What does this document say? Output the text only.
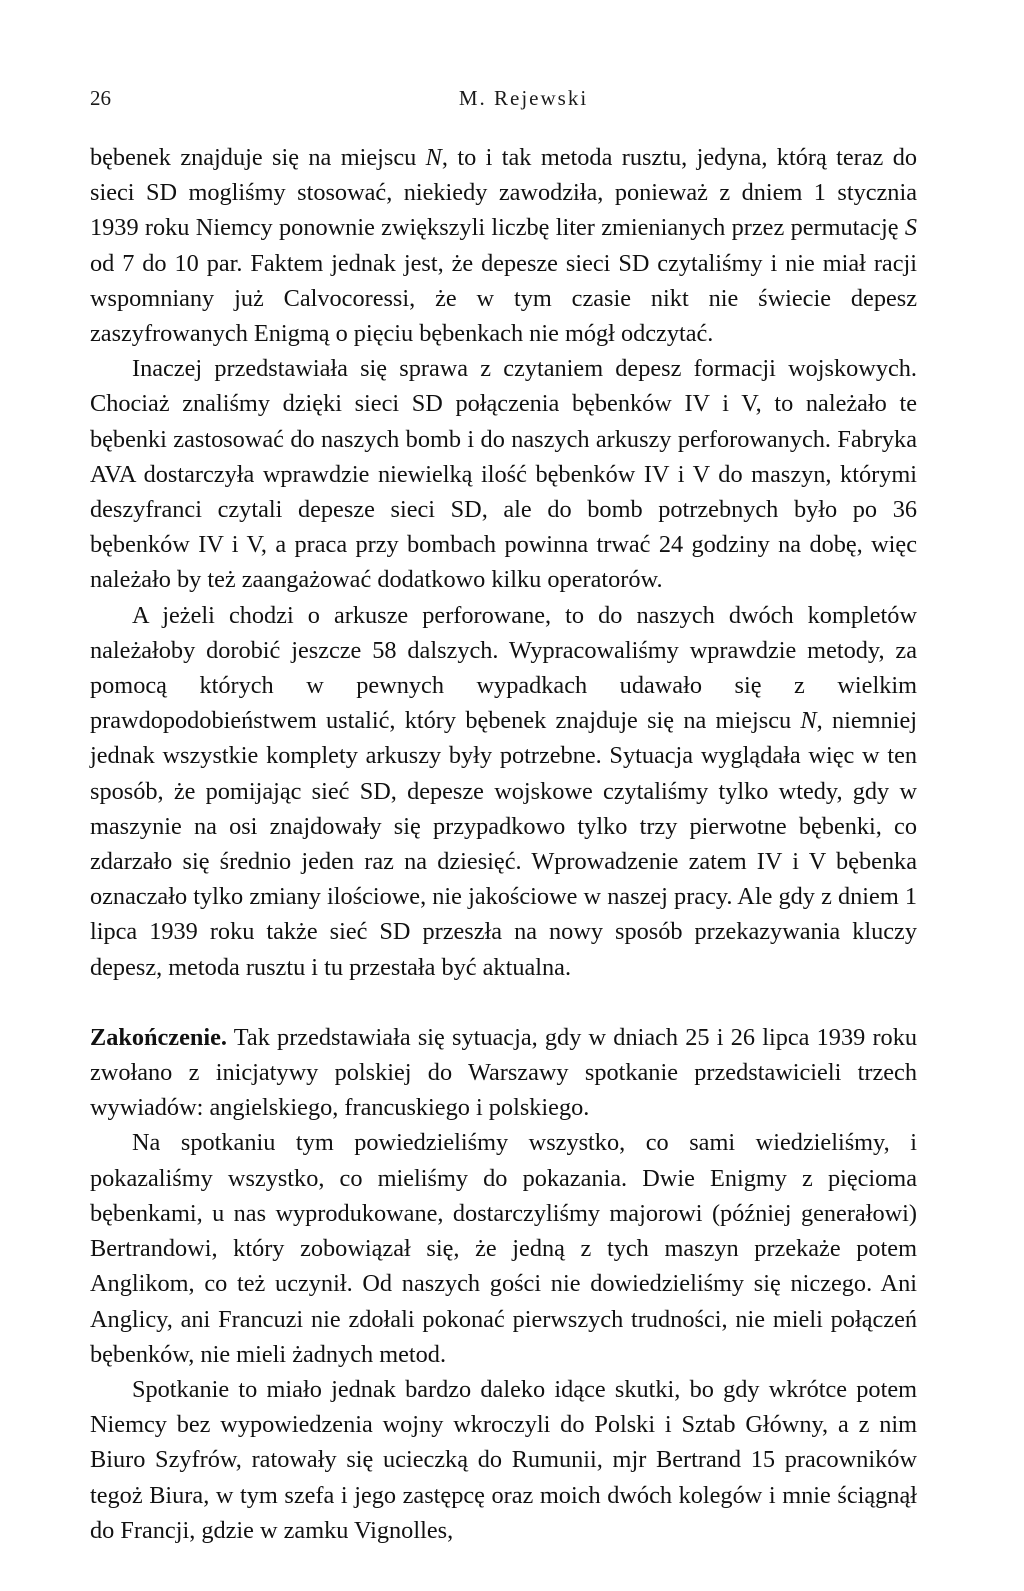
26	M. Rejewski

bębenek znajduje się na miejscu N, to i tak metoda rusztu, jedyna, którą teraz do sieci SD mogliśmy stosować, niekiedy zawodziła, ponieważ z dniem 1 stycznia 1939 roku Niemcy ponownie zwiększyli liczbę liter zmienianych przez permutację S od 7 do 10 par. Faktem jednak jest, że depesze sieci SD czytaliśmy i nie miał racji wspomniany już Calvocoressi, że w tym czasie nikt nie świecie depesz zaszyfrowanych Enigmą o pięciu bębenkach nie mógł odczytać.

Inaczej przedstawiała się sprawa z czytaniem depesz formacji wojskowych. Chociaż znaliśmy dzięki sieci SD połączenia bębenków IV i V, to należało te bębenki zastosować do naszych bomb i do naszych arkuszy perforowanych. Fabryka AVA dostarczyła wprawdzie niewielką ilość bębenków IV i V do maszyn, którymi deszyfranci czytali depesze sieci SD, ale do bomb potrzebnych było po 36 bębenków IV i V, a praca przy bombach powinna trwać 24 godziny na dobę, więc należało by też zaangażować dodatkowo kilku operatorów.

A jeżeli chodzi o arkusze perforowane, to do naszych dwóch kompletów należałoby dorobić jeszcze 58 dalszych. Wypracowaliśmy wprawdzie metody, za pomocą których w pewnych wypadkach udawało się z wielkim prawdopodobieństwem ustalić, który bębenek znajduje się na miejscu N, niemniej jednak wszystkie komplety arkuszy były potrzebne. Sytuacja wyglądała więc w ten sposób, że pomijając sieć SD, depesze wojskowe czytaliśmy tylko wtedy, gdy w maszynie na osi znajdowały się przypadkowo tylko trzy pierwotne bębenki, co zdarzało się średnio jeden raz na dziesięć. Wprowadzenie zatem IV i V bębenka oznaczało tylko zmiany ilościowe, nie jakościowe w naszej pracy. Ale gdy z dniem 1 lipca 1939 roku także sieć SD przeszła na nowy sposób przekazywania kluczy depesz, metoda rusztu i tu przestała być aktualna.

Zakończenie. Tak przedstawiała się sytuacja, gdy w dniach 25 i 26 lipca 1939 roku zwołano z inicjatywy polskiej do Warszawy spotkanie przedstawicieli trzech wywiadów: angielskiego, francuskiego i polskiego.

Na spotkaniu tym powiedzieliśmy wszystko, co sami wiedzieliśmy, i pokazaliśmy wszystko, co mieliśmy do pokazania. Dwie Enigmy z pięcioma bębenkami, u nas wyprodukowane, dostarczyliśmy majorowi (później generałowi) Bertrandowi, który zobowiązał się, że jedną z tych maszyn przekaże potem Anglikom, co też uczynił. Od naszych gości nie dowiedzieliśmy się niczego. Ani Anglicy, ani Francuzi nie zdołali pokonać pierwszych trudności, nie mieli połączeń bębenków, nie mieli żadnych metod.

Spotkanie to miało jednak bardzo daleko idące skutki, bo gdy wkrótce potem Niemcy bez wypowiedzenia wojny wkroczyli do Polski i Sztab Główny, a z nim Biuro Szyfrów, ratowały się ucieczką do Rumunii, mjr Bertrand 15 pracowników tegoż Biura, w tym szefa i jego zastępcę oraz moich dwóch kolegów i mnie ściągnął do Francji, gdzie w zamku Vignolles,
